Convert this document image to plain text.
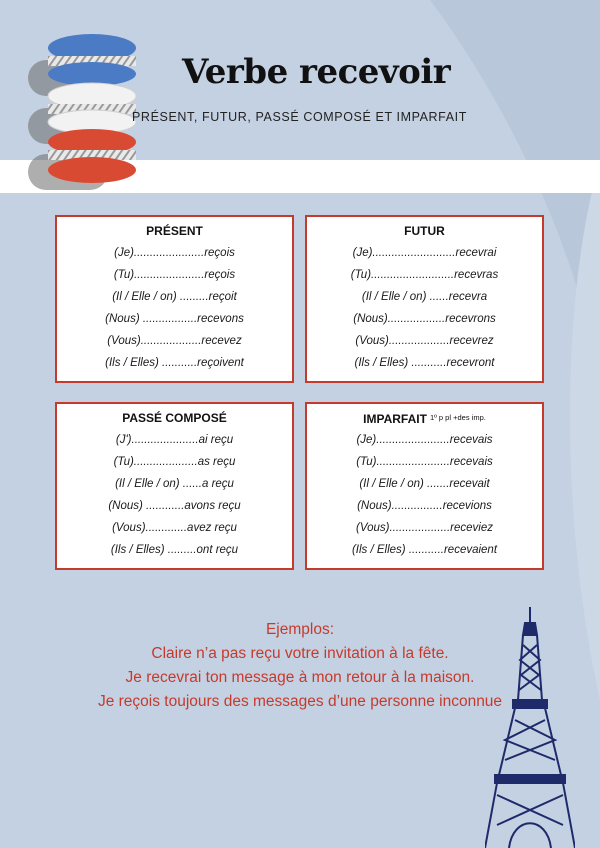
Verbe recevoir
PRÉSENT, FUTUR, PASSÉ COMPOSÉ ET IMPARFAIT
PRÉSENT
(Je)......................reçois
(Tu)......................reçois
(Il / Elle / on) .........reçoit
(Nous) .................recevons
(Vous)...................recevez
(Ils / Elles) ...........reçoivent
FUTUR
(Je)..........................recevrai
(Tu)..........................recevras
(Il / Elle / on) ......recevra
(Nous)..................recevrons
(Vous)...................recevrez
(Ils / Elles) ...........recevront
PASSÉ COMPOSÉ
(J').....................ai reçu
(Tu)....................as reçu
(Il / Elle / on) ......a reçu
(Nous) ............avons reçu
(Vous).............avez reçu
(Ils / Elles) .........ont reçu
IMPARFAIT $^{1º p pl +des imp.}$
(Je).......................recevais
(Tu).......................recevais
(Il / Elle / on) .......recevait
(Nous)................recevions
(Vous)...................receviez
(Ils / Elles) ...........recevaient
Ejemplos:
Claire n’a pas reçu votre invitation à la fête.
Je recevrai ton message à mon retour à la maison.
Je reçois toujours des messages d’une personne inconnue
